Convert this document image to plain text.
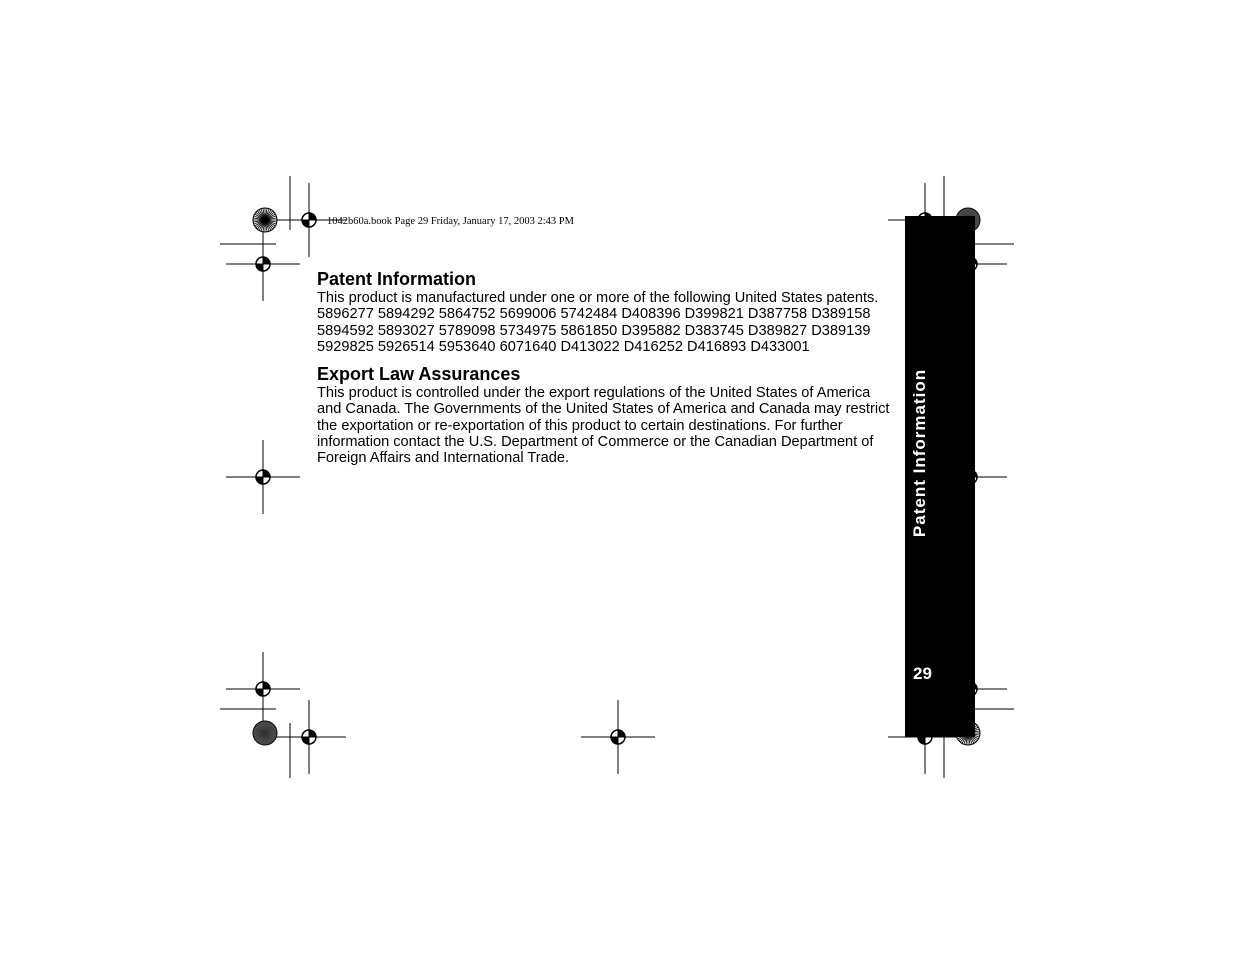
1042b60a.book Page 29 Friday, January 17, 2003 2:43 PM
Patent Information

This product is manufactured under one or more of the following United States patents.

5896277 5894292 5864752 5699006 5742484 D408396 D399821 D387758 D389158 5894592 5893027 5789098 5734975 5861850 D395882 D383745 D389827 D389139 5929825 5926514 5953640 6071640 D413022 D416252 D416893 D433001

Export Law Assurances

This product is controlled under the export regulations of the United States of America and Canada. The Governments of the United States of America and Canada may restrict the exportation or re-exportation of this product to certain destinations. For further information contact the U.S. Department of Commerce or the Canadian Department of Foreign Affairs and International Trade.	Patent Information
29
